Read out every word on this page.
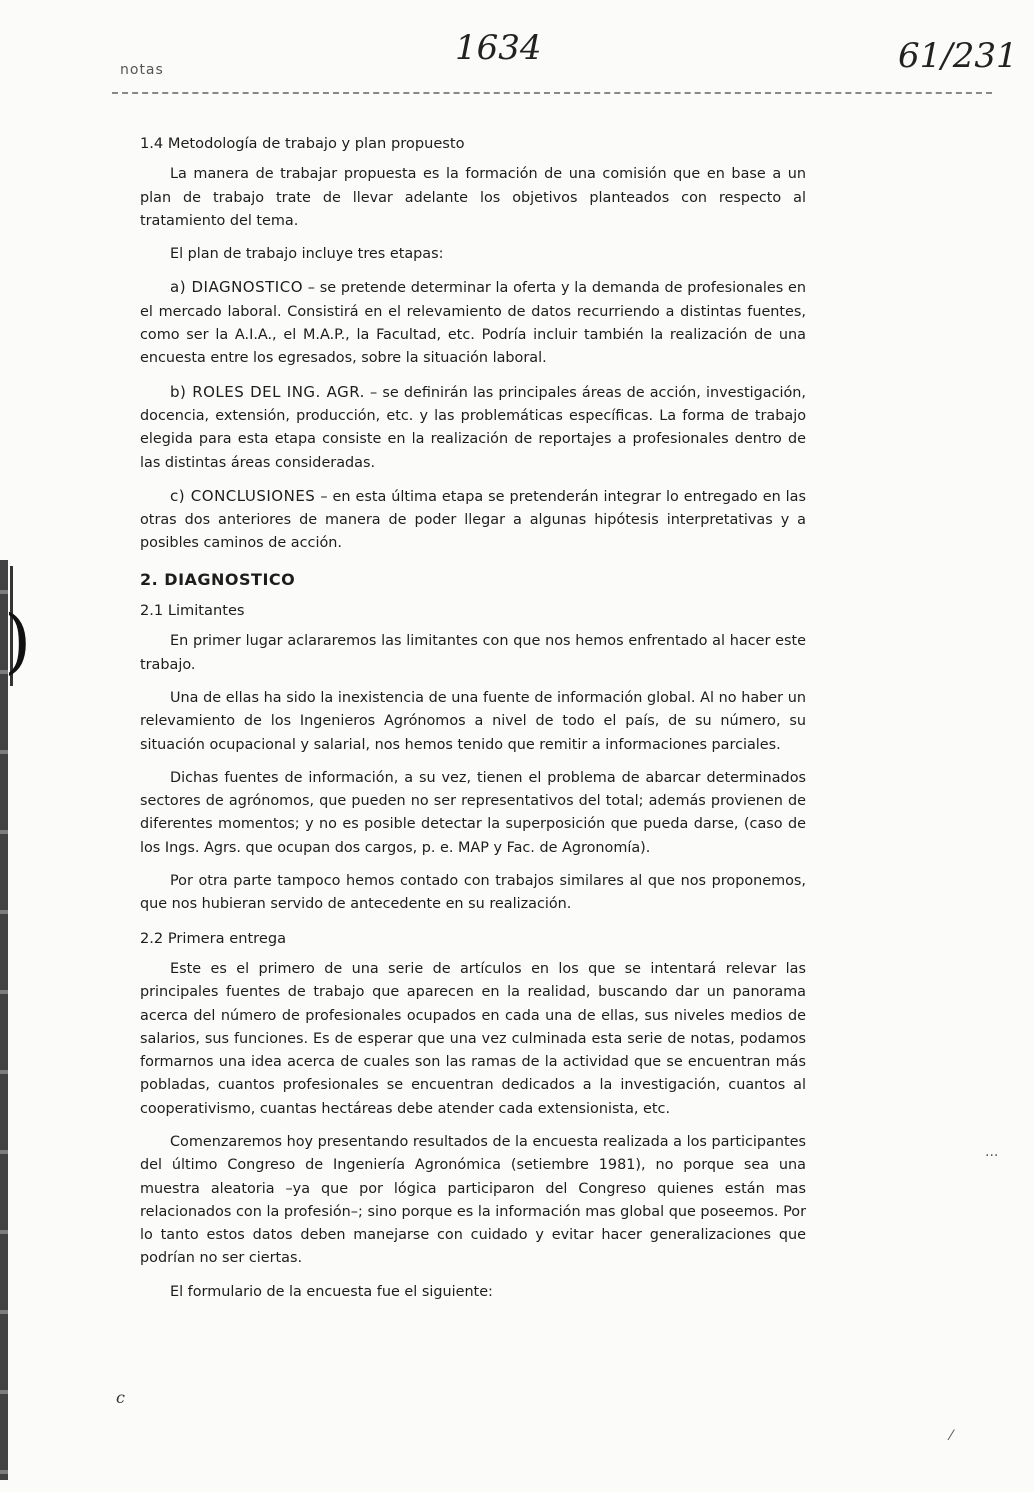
)
notas
1634	61/231
1.4 Metodología de trabajo y plan propuesto

La manera de trabajar propuesta es la formación de una comisión que en base a un plan de trabajo trate de llevar adelante los objetivos planteados con respecto al tratamiento del tema.

El plan de trabajo incluye tres etapas:

a) DIAGNOSTICO – se pretende determinar la oferta y la demanda de profesionales en el mercado laboral. Consistirá en el relevamiento de datos recurriendo a distintas fuentes, como ser la A.I.A., el M.A.P., la Facultad, etc. Podría incluir también la realización de una encuesta entre los egresados, sobre la situación laboral.

b) ROLES DEL ING. AGR. – se definirán las principales áreas de acción, investigación, docencia, extensión, producción, etc. y las problemáticas específicas. La forma de trabajo elegida para esta etapa consiste en la realización de reportajes a profesionales dentro de las distintas áreas consideradas.

c) CONCLUSIONES – en esta última etapa se pretenderán integrar lo entregado en las otras dos anteriores de manera de poder llegar a algunas hipótesis interpretativas y a posibles caminos de acción.

2. DIAGNOSTICO
2.1 Limitantes

En primer lugar aclararemos las limitantes con que nos hemos enfrentado al hacer este trabajo.

Una de ellas ha sido la inexistencia de una fuente de información global. Al no haber un relevamiento de los Ingenieros Agrónomos a nivel de todo el país, de su número, su situación ocupacional y salarial, nos hemos tenido que remitir a informaciones parciales.

Dichas fuentes de información, a su vez, tienen el problema de abarcar determinados sectores de agrónomos, que pueden no ser representativos del total; además provienen de diferentes momentos; y no es posible detectar la superposición que pueda darse, (caso de los Ings. Agrs. que ocupan dos cargos, p. e. MAP y Fac. de Agronomía).

Por otra parte tampoco hemos contado con trabajos similares al que nos proponemos, que nos hubieran servido de antecedente en su realización.

2.2 Primera entrega

Este es el primero de una serie de artículos en los que se intentará relevar las principales fuentes de trabajo que aparecen en la realidad, buscando dar un panorama acerca del número de profesionales ocupados en cada una de ellas, sus niveles medios de salarios, sus funciones. Es de esperar que una vez culminada esta serie de notas, podamos formarnos una idea acerca de cuales son las ramas de la actividad que se encuentran más pobladas, cuantos profesionales se encuentran dedicados a la investigación, cuantos al cooperativismo, cuantas hectáreas debe atender cada extensionista, etc.

Comenzaremos hoy presentando resultados de la encuesta realizada a los participantes del último Congreso de Ingeniería Agronómica (setiembre 1981), no porque sea una muestra aleatoria –ya que por lógica participaron del Congreso quienes están mas relacionados con la profesión–; sino porque es la información mas global que poseemos. Por lo tanto estos datos deben manejarse con cuidado y evitar hacer generalizaciones que podrían no ser ciertas.

El formulario de la encuesta fue el siguiente:

c
···
⁄
